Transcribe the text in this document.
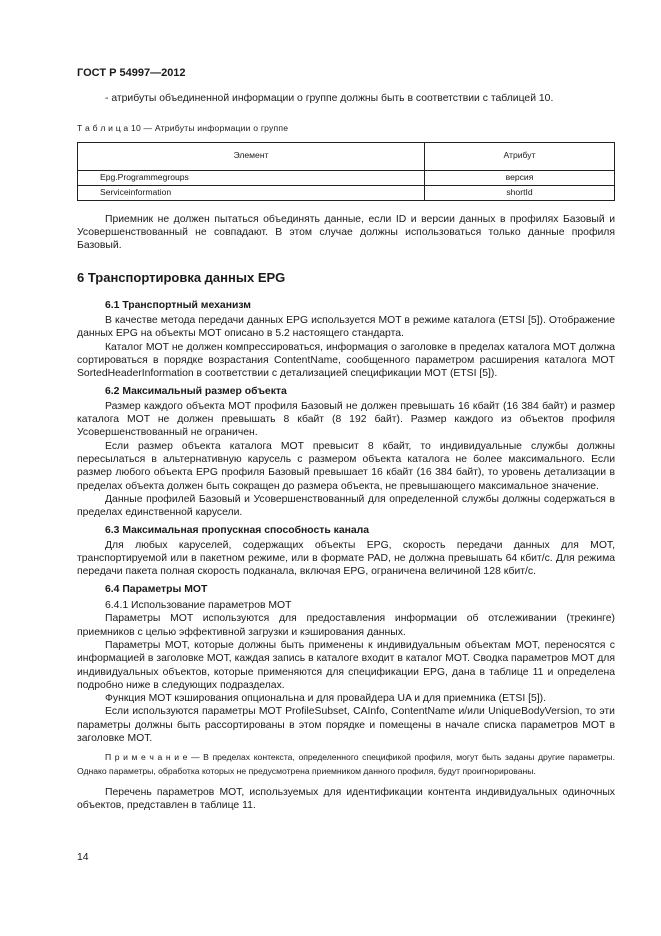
ГОСТ Р 54997—2012

- атрибуты объединенной информации о группе должны быть в соответствии с таблицей 10.

Т а б л и ц а 10 — Атрибуты информации о группе
Элемент	Атрибут
Epg.Programmegroups	версия
Serviceinformation	shortId

Приемник не должен пытаться объединять данные, если ID и версии данных в профилях Базовый и Усовершенствованный не совпадают. В этом случае должны использоваться только данные профиля Базовый.

6 Транспортировка данных EPG
6.1 Транспортный механизм

В качестве метода передачи данных EPG используется MOT в режиме каталога (ETSI [5]). Отображение данных EPG на объекты MOT описано в 5.2 настоящего стандарта.

Каталог MOT не должен компрессироваться, информация о заголовке в пределах каталога MOT должна сортироваться в порядке возрастания ContentName, сообщенного параметром расширения каталога MOT SortedHeaderInformation в соответствии с детализацией спецификации MOT (ETSI [5]).

6.2 Максимальный размер объекта

Размер каждого объекта MOT профиля Базовый не должен превышать 16 кбайт (16 384 байт) и размер каталога MOT не должен превышать 8 кбайт (8 192 байт). Размер каждого из объектов профиля Усовершенствованный не ограничен.

Если размер объекта каталога MOT превысит 8 кбайт, то индивидуальные службы должны пересылаться в альтернативную карусель с размером объекта каталога не более максимального. Если размер любого объекта EPG профиля Базовый превышает 16 кбайт (16 384 байт), то уровень детализации в пределах объекта должен быть сокращен до размера объекта, не превышающего максимальное значение.

Данные профилей Базовый и Усовершенствованный для определенной службы должны содержаться в пределах единственной карусели.

6.3 Максимальная пропускная способность канала

Для любых каруселей, содержащих объекты EPG, скорость передачи данных для MOT, транспортируемой или в пакетном режиме, или в формате PAD, не должна превышать 64 кбит/с. Для режима передачи пакета полная скорость подканала, включая EPG, ограничена величиной 128 кбит/с.

6.4 Параметры MOT
6.4.1 Использование параметров MOT

Параметры MOT используются для предоставления информации об отслеживании (трекинге) приемников с целью эффективной загрузки и кэширования данных.

Параметры MOT, которые должны быть применены к индивидуальным объектам MOT, переносятся с информацией в заголовке MOT, каждая запись в каталоге входит в каталог MOT. Сводка параметров MOT для индивидуальных объектов, которые применяются для спецификации EPG, дана в таблице 11 и определена подробно ниже в следующих подразделах.

Функция MOT кэширования опциональна и для провайдера UA и для приемника (ETSI [5]).

Если используются параметры MOT ProfileSubset, CAInfo, ContentName и/или UniqueBodyVersion, то эти параметры должны быть рассортированы в этом порядке и помещены в начале списка параметров MOT в заголовке MOT.

П р и м е ч а н и е — В пределах контекста, определенного спецификой профиля, могут быть заданы другие параметры. Однако параметры, обработка которых не предусмотрена приемником данного профиля, будут проигнорированы.

Перечень параметров MOT, используемых для идентификации контента индивидуальных одиночных объектов, представлен в таблице 11.

14
